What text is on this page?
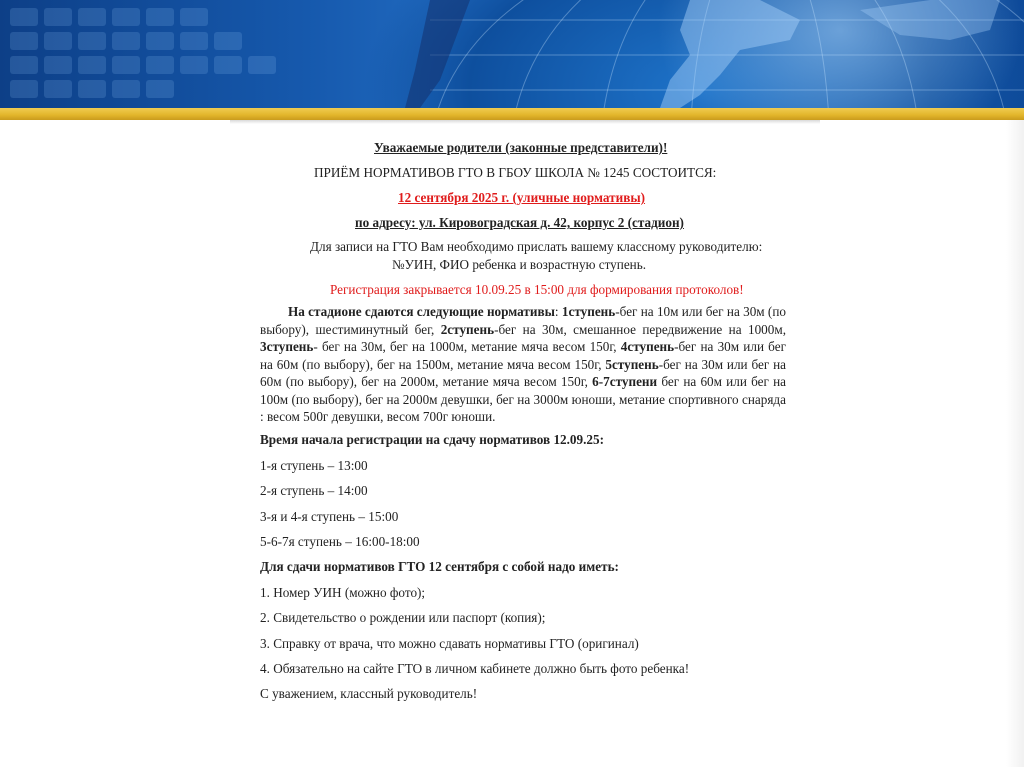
Уважаемые родители (законные представители)!

ПРИЁМ НОРМАТИВОВ ГТО В ГБОУ ШКОЛА № 1245 СОСТОИТСЯ:

12 сентября 2025 г. (уличные нормативы)

по адресу: ул. Кировоградская д. 42, корпус 2 (стадион)

Для записи на ГТО Вам необходимо прислать вашему классному руководителю:

№УИН, ФИО ребенка и возрастную ступень.

Регистрация закрывается 10.09.25 в 15:00 для формирования протоколов!

На стадионе сдаются следующие нормативы: 1ступень-бег на 10м или бег на 30м (по выбору), шестиминутный бег, 2ступень-бег на 30м, смешанное передвижение на 1000м, 3ступень- бег на 30м, бег на 1000м, метание мяча весом 150г, 4ступень-бег на 30м или бег на 60м (по выбору), бег на 1500м, метание мяча весом 150г, 5ступень-бег на 30м или бег на 60м (по выбору), бег на 2000м, метание мяча весом 150г, 6-7ступени бег на 60м или бег на 100м (по выбору), бег на 2000м девушки, бег на 3000м юноши, метание спортивного снаряда : весом 500г девушки, весом 700г юноши.

Время начала регистрации на сдачу нормативов 12.09.25:

1-я ступень – 13:00

2-я ступень – 14:00

3-я и 4-я ступень – 15:00

5-6-7я ступень – 16:00-18:00

Для сдачи нормативов ГТО 12 сентября с собой надо иметь:

1. Номер УИН (можно фото);

2. Свидетельство о рождении или паспорт (копия);

3. Справку от врача, что можно сдавать нормативы ГТО (оригинал)

4. Обязательно на сайте ГТО в личном кабинете должно быть фото ребенка!

С уважением, классный руководитель!
